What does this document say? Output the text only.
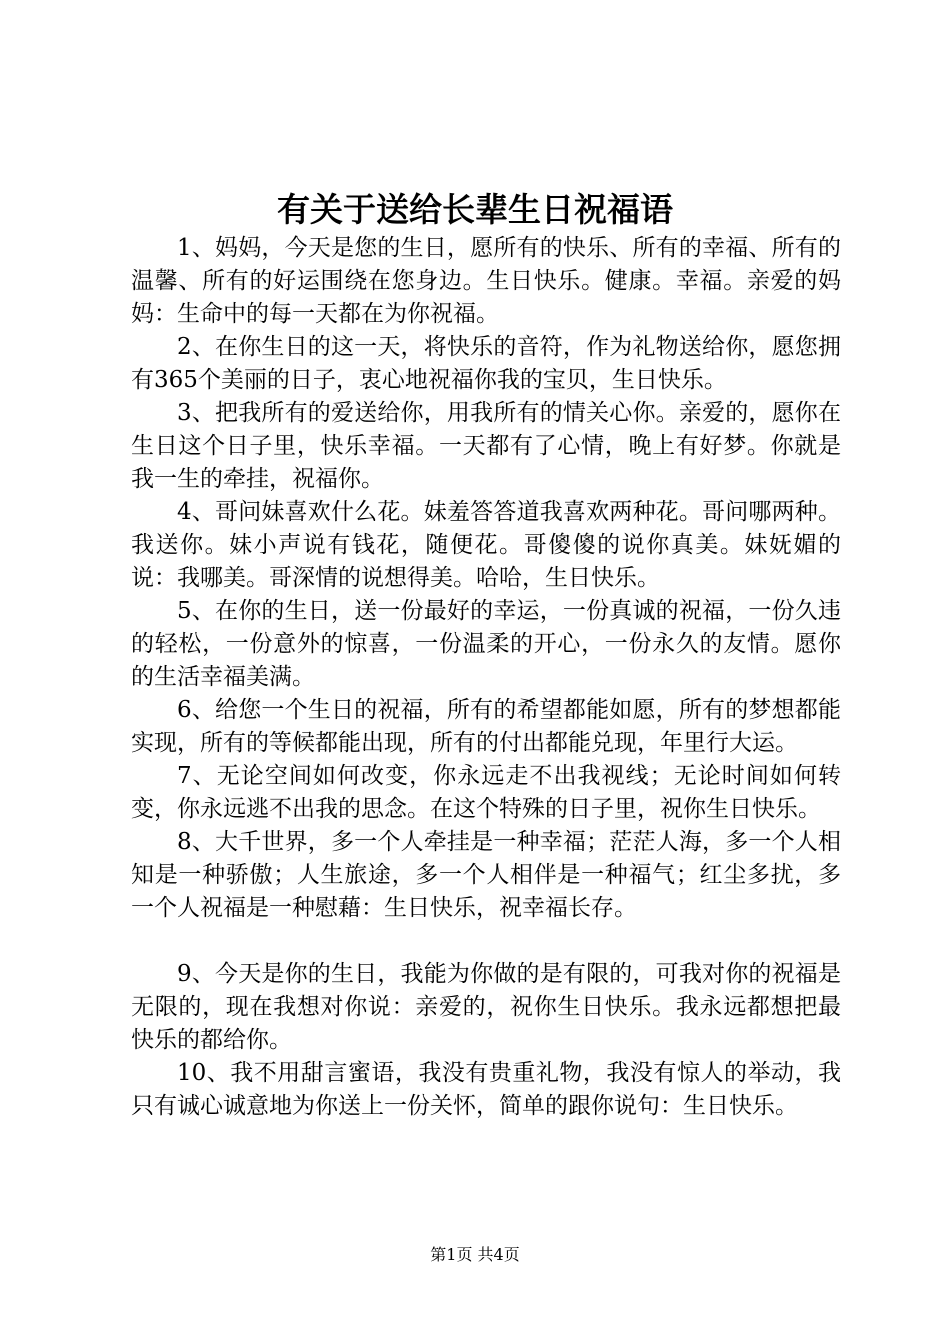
有关于送给长辈生日祝福语

1、妈妈，今天是您的生日，愿所有的快乐、所有的幸福、所有的温馨、所有的好运围绕在您身边。生日快乐。健康。幸福。亲爱的妈妈：生命中的每一天都在为你祝福。

2、在你生日的这一天，将快乐的音符，作为礼物送给你，愿您拥有365个美丽的日子，衷心地祝福你我的宝贝，生日快乐。

3、把我所有的爱送给你，用我所有的情关心你。亲爱的，愿你在生日这个日子里，快乐幸福。一天都有了心情，晚上有好梦。你就是我一生的牵挂，祝福你。

4、哥问妹喜欢什么花。妹羞答答道我喜欢两种花。哥问哪两种。我送你。妹小声说有钱花，随便花。哥傻傻的说你真美。妹妩媚的说：我哪美。哥深情的说想得美。哈哈，生日快乐。

5、在你的生日，送一份最好的幸运，一份真诚的祝福，一份久违的轻松，一份意外的惊喜，一份温柔的开心，一份永久的友情。愿你的生活幸福美满。

6、给您一个生日的祝福，所有的希望都能如愿，所有的梦想都能实现，所有的等候都能出现，所有的付出都能兑现，年里行大运。

7、无论空间如何改变，你永远走不出我视线；无论时间如何转变，你永远逃不出我的思念。在这个特殊的日子里，祝你生日快乐。

8、大千世界，多一个人牵挂是一种幸福；茫茫人海，多一个人相知是一种骄傲；人生旅途，多一个人相伴是一种福气；红尘多扰，多一个人祝福是一种慰藉：生日快乐，祝幸福长存。

9、今天是你的生日，我能为你做的是有限的，可我对你的祝福是无限的，现在我想对你说：亲爱的，祝你生日快乐。我永远都想把最快乐的都给你。

10、我不用甜言蜜语，我没有贵重礼物，我没有惊人的举动，我只有诚心诚意地为你送上一份关怀，简单的跟你说句：生日快乐。

第1页 共4页
